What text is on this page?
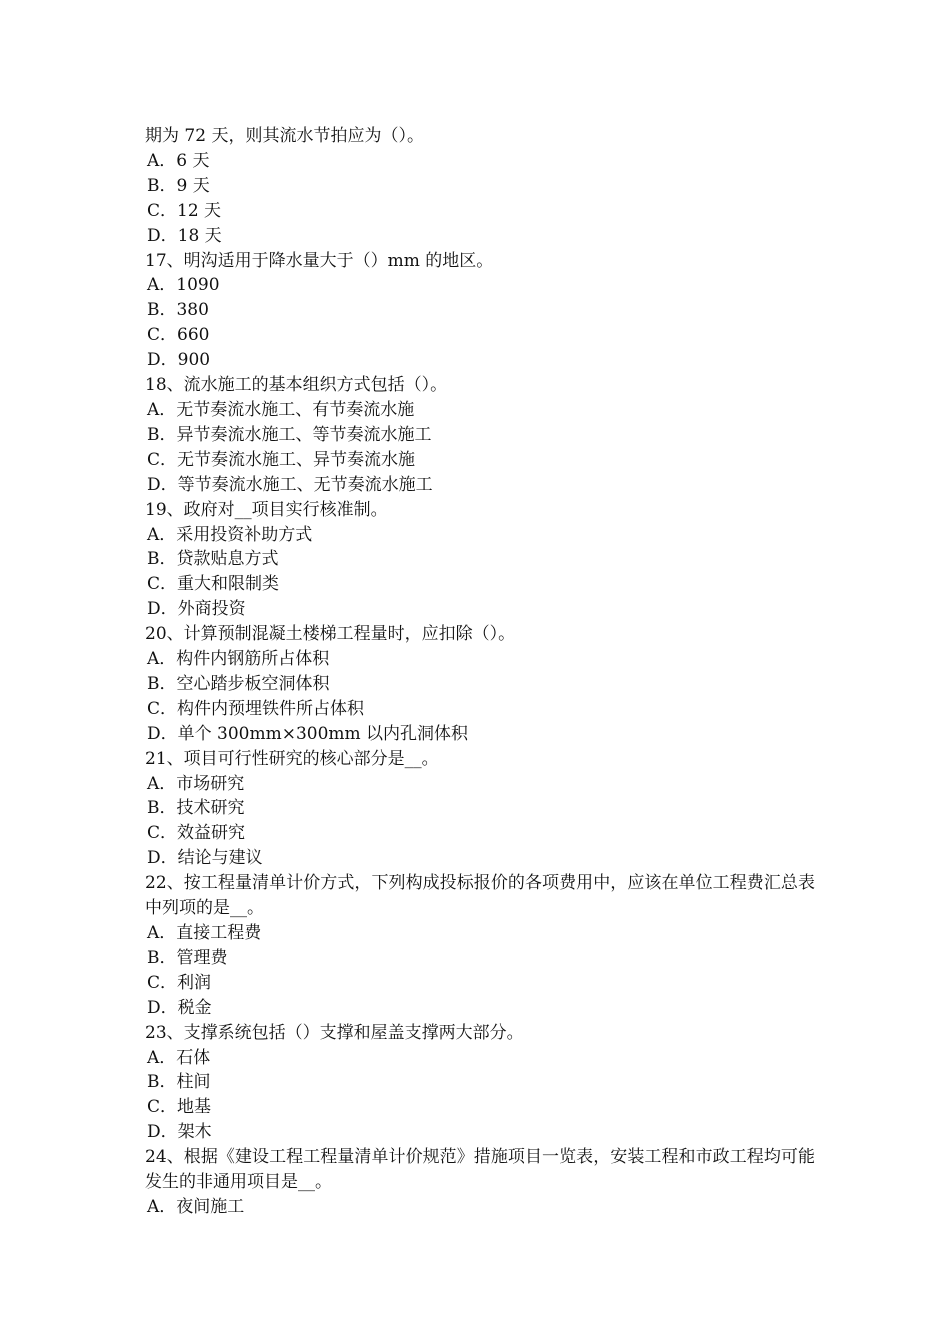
期为 72 天，则其流水节拍应为（）。

A．6 天

B．9 天

C．12 天

D．18 天

17、明沟适用于降水量大于（）mm 的地区。

A．1090

B．380

C．660

D．900

18、流水施工的基本组织方式包括（）。

A．无节奏流水施工、有节奏流水施

B．异节奏流水施工、等节奏流水施工

C．无节奏流水施工、异节奏流水施

D．等节奏流水施工、无节奏流水施工

19、政府对__项目实行核准制。

A．采用投资补助方式

B．贷款贴息方式

C．重大和限制类

D．外商投资

20、计算预制混凝土楼梯工程量时，应扣除（）。

A．构件内钢筋所占体积

B．空心踏步板空洞体积

C．构件内预埋铁件所占体积

D．单个 300mm×300mm 以内孔洞体积

21、项目可行性研究的核心部分是__。

A．市场研究

B．技术研究

C．效益研究

D．结论与建议

22、按工程量清单计价方式，下列构成投标报价的各项费用中，应该在单位工程费汇总表中列项的是__。

A．直接工程费

B．管理费

C．利润

D．税金

23、支撑系统包括（）支撑和屋盖支撑两大部分。

A．石体

B．柱间

C．地基

D．架木

24、根据《建设工程工程量清单计价规范》措施项目一览表，安装工程和市政工程均可能发生的非通用项目是__。

A．夜间施工
